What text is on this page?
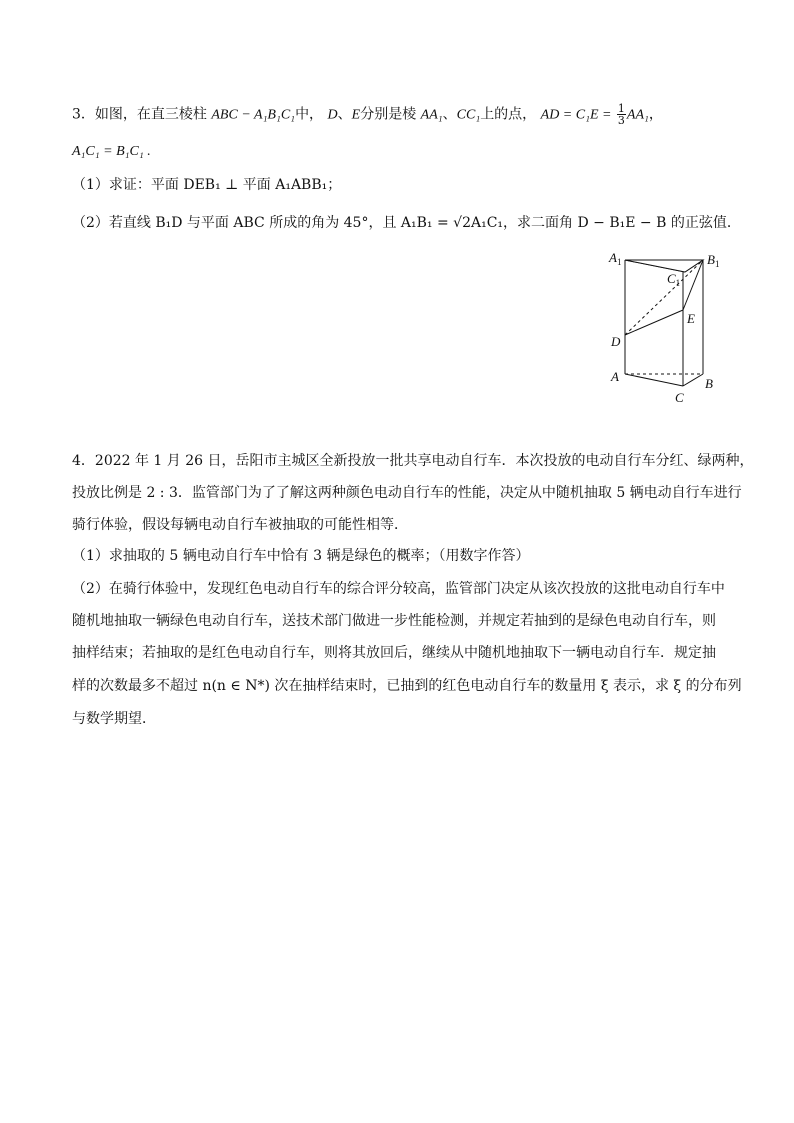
3．如图，在直三棱柱 ABC − A₁B₁C₁中， D、E分别是棱 AA₁、CC₁上的点， AD = $C_1E = \frac{1}{3} AA_1$，
A₁C₁ = B₁C₁ .
（1）求证：平面 DEB₁ ⊥ 平面 A₁ABB₁；
（2）若直线 B₁D 与平面 ABC 所成的角为 45°，且 A₁B₁ = √2A₁C₁，求二面角 D − B₁E − B 的正弦值．
$A_1$	$B_1$
$C_1$
E
D
A	B
C
4．2022 年 1 月 26 日，岳阳市主城区全新投放一批共享电动自行车．本次投放的电动自行车分红、绿两种，
投放比例是 2 : 3．监管部门为了了解这两种颜色电动自行车的性能，决定从中随机抽取 5 辆电动自行车进行
骑行体验，假设每辆电动自行车被抽取的可能性相等．
（1）求抽取的 5 辆电动自行车中恰有 3 辆是绿色的概率；（用数字作答）
（2）在骑行体验中，发现红色电动自行车的综合评分较高，监管部门决定从该次投放的这批电动自行车中
随机地抽取一辆绿色电动自行车，送技术部门做进一步性能检测，并规定若抽到的是绿色电动自行车，则
抽样结束；若抽取的是红色电动自行车，则将其放回后，继续从中随机地抽取下一辆电动自行车．规定抽
样的次数最多不超过 n(n ∈ N*) 次在抽样结束时，已抽到的红色电动自行车的数量用 ξ 表示，求 ξ 的分布列
与数学期望．
